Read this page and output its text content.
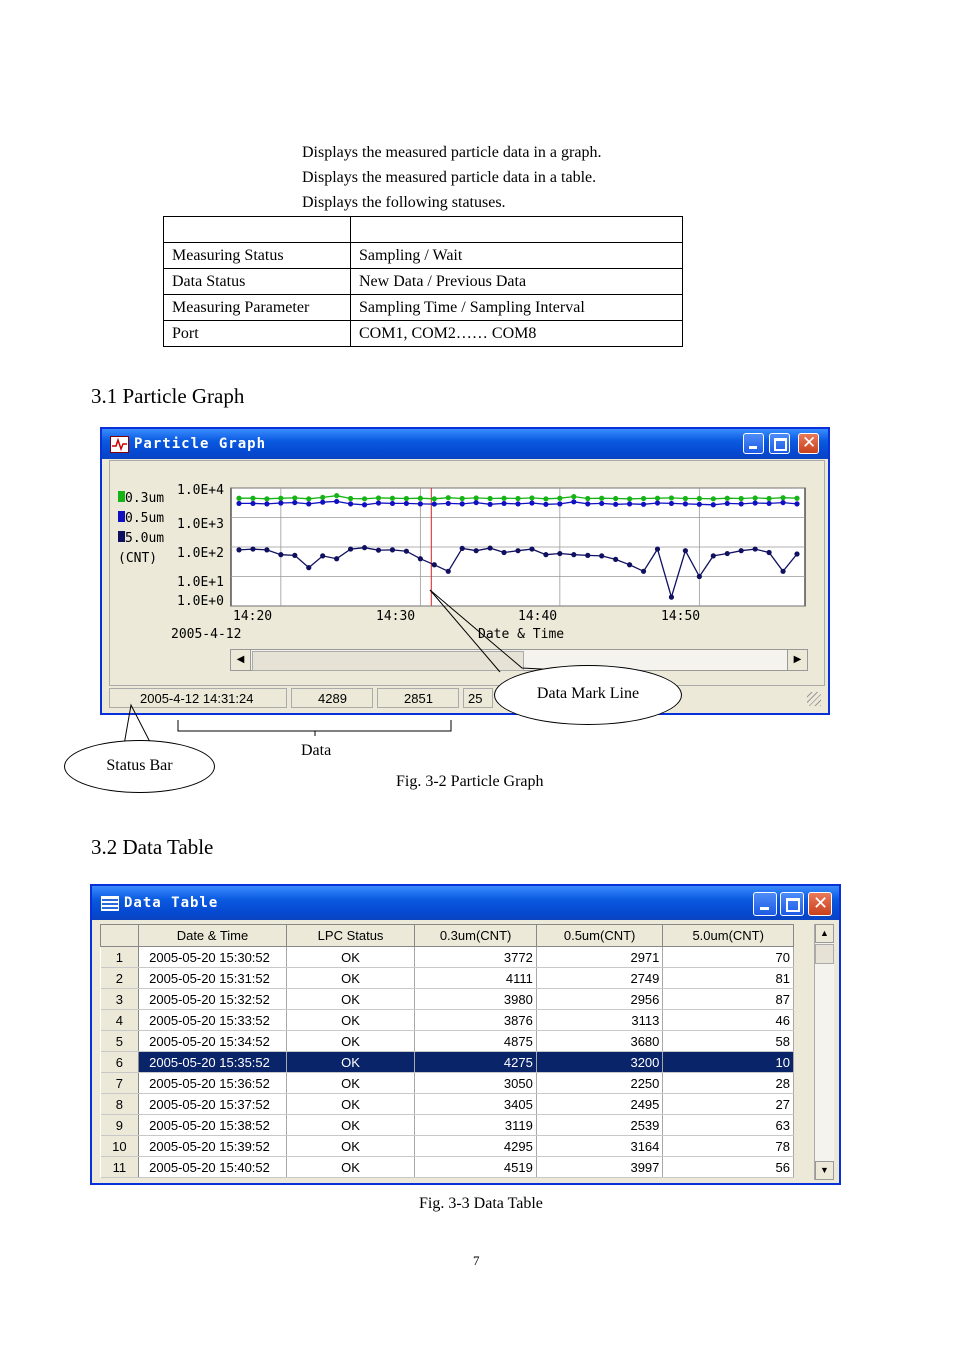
Displays the measured particle data in a graph.
Displays the measured particle data in a table.
Displays the following statuses.

Measuring Status	Sampling / Wait
Data Status	New Data / Previous Data
Measuring Parameter	Sampling Time / Sampling Interval
Port	COM1, COM2…… COM8
3.1 Particle Graph
Particle Graph	✕
0.3um
0.5um
5.0um
(CNT)
1.0E+4
1.0E+3
1.0E+2
1.0E+1
1.0E+0
14:20	14:30	14:40	14:50
2005-4-12	Date & Time
◀	▶
2005-4-12 14:31:24	4289	2851	25	Data Mark Line
Status Bar
Data
Fig. 3-2 Particle Graph
3.2 Data Table
Data Table	✕
	Date & Time	LPC Status	0.3um(CNT)	0.5um(CNT)	5.0um(CNT)
1	2005-05-20 15:30:52	OK	3772	2971	70
2	2005-05-20 15:31:52	OK	4111	2749	81
3	2005-05-20 15:32:52	OK	3980	2956	87
4	2005-05-20 15:33:52	OK	3876	3113	46
5	2005-05-20 15:34:52	OK	4875	3680	58
6	2005-05-20 15:35:52	OK	4275	3200	10
7	2005-05-20 15:36:52	OK	3050	2250	28
8	2005-05-20 15:37:52	OK	3405	2495	27
9	2005-05-20 15:38:52	OK	3119	2539	63
10	2005-05-20 15:39:52	OK	4295	3164	78
11	2005-05-20 15:40:52	OK	4519	3997	56
▲
▼
Fig. 3-3 Data Table
7
